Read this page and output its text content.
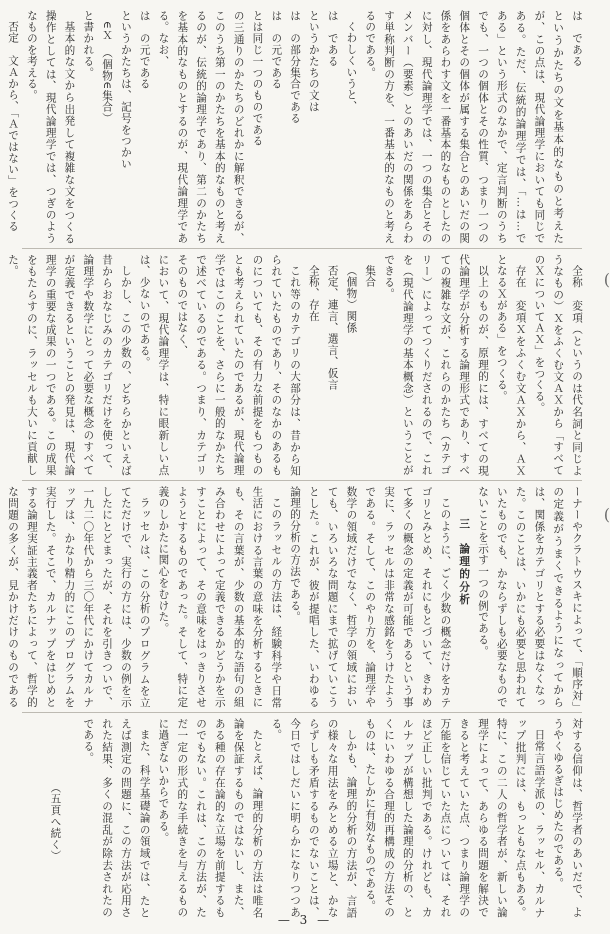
は　である

というかたちの文を基本的なものと考えたが、この点は、現代論理学においても同じである。ただ、伝統的論理学では、「…は…である」という形式のなかで、定言判断のうちでも、一つの個体とその性質、つまり一つの個体とその個体が属する集合とのあいだの関係をあらわす文を一番基本的なものとしたのに対し、現代論理学では、一つの集合とそのメンバー（要素）とのあいだの関係をあらわす単称判断の方を、一番基本的なものと考えるのである。

くわしくいうと、

は　である

というかたちの文は

は　の部分集合である

は　の元である

とは同じ一つのものである

の三通りのかたちのどれかに解釈できるが、このうち第一のかたちを基本的なものと考えるのが、伝統的論理学であり、第二のかたちを基本的なものとするのが、現代論理学である。なお、

は　の元である

というかたちは、記号をつかい

∈Ｘ　（個物∈集合）

と書かれる。

基本的な文から出発して複雑な文をつくる操作としては、現代論理学では、つぎのようなものを考える。

否定　文Ａから、「Ａではない」をつくる

全称　変項（というのは代名詞と同じようなもの）Ｘをふくむ文ＡＸから「すべてのＸについてＡＸ」をつくる。

存在　変項Ｘをふくむ文ＡＸから、ＡＸとなるＸがある」をつくる。

以上のものが、原理的には、すべての現代論理学が分析する論理形式であり、すべての複雑な文が、これらのかたち（カテゴリー）によってつくりだされるので、これを（現代論理学の基本概念）ということができる。

集合

（個物）関係

否定、連言、選言、仮言

全称、存在

これ等のカテゴリの大部分は、昔から知られていたものであり、そのなかのあるものについても、その有力な前提をもつものとも考えられていたのであるが、現代論理学ではこのことを、さらに一般的なかたちで述べているのである。つまり、カテゴリそのものではなく、

において、現代論理学は、特に眼新しい点は、少ないのである。

しかし、この少数の、どちらかといえば昔からおなじみのカテゴリだけを使って、論理学や数学にとって必要な概念のすべてが定義できるということの発見は、現代論理学の重要な成果の一つである。この成果をもたらすのに、ラッセルも大いに貢献した。

ーナーやクラトウスキによって、「順序対」の定義がうまくできるようになってからは、関係をカテゴリとする必要はなくなった。このことは、いかにも必要と思われていたものでも、かならずしも必要なものでないことを示す一つの例である。

三　論理的分析

このように、ごく少数の概念だけをカテゴリとみとめ、それにもとづいて、きわめて多くの概念の定義が可能であるという事実に、ラッセルは非常な感銘をうけたようである。そして、このやり方を、論理学や数学の領域だけでなく、哲学の領域においても、いろいろな問題にまで拡げていこうとした。これが、彼が提唱した、いわゆる論理的分析の方法である。

このラッセルの方法は、経験科学や日常生活における言葉の意味を分析するときにも、その言葉が、少数の基本的な語句の組み合わせによって定義できるかどうかを示すことによって、その意味をはっきりさせようとするものであった。そして、特に定義のしかたに関心をむけた。

ラッセルは、この分析のプログラムを立てただけで、実行の方には、少数の例を示したにとどまったが、それを引きついで、一九二〇年代から三〇年代にかけてカルナップは、かなり精力的にこのプログラムを実行した。そこで、カルナップをはじめとする論理実証主義者たちによって、哲学的な問題の多くが、見かけだけのものである

対する信仰は、哲学者のあいだで、ようやくゆるぎはじめたのである。

日常言語学派の、ラッセル、カルナップ批判には、もっともな点もある。特に、この二人の哲学者が、新しい論理学によって、あらゆる問題を解決できると考えていた点、つまり論理学の万能を信じていた点については、それほど正しい批判である。けれども、カルナップが構想した論理的分析の、とくにいわゆる合理的再構成の方法そのものは、たしかに有効なものである。

しかも、論理的分析の方法が、言語の様々な用法をみとめる立場と、かならずしも矛盾するものでないことは、今日ではしだいに明らかになりつつある。

たとえば、論理的分析の方法は唯名論を保証するものではないし、また、ある種の存在論的な立場を前提するものでもない。これは、この方法が、ただ一定の形式的な手続きを与えるものに過ぎないからである。

また、科学基礎論の領域では、たとえば測定の問題に、この方法が応用された結果、多くの混乱が除去されたのである。

（五頁へ続く）

(
(
— 3 —
